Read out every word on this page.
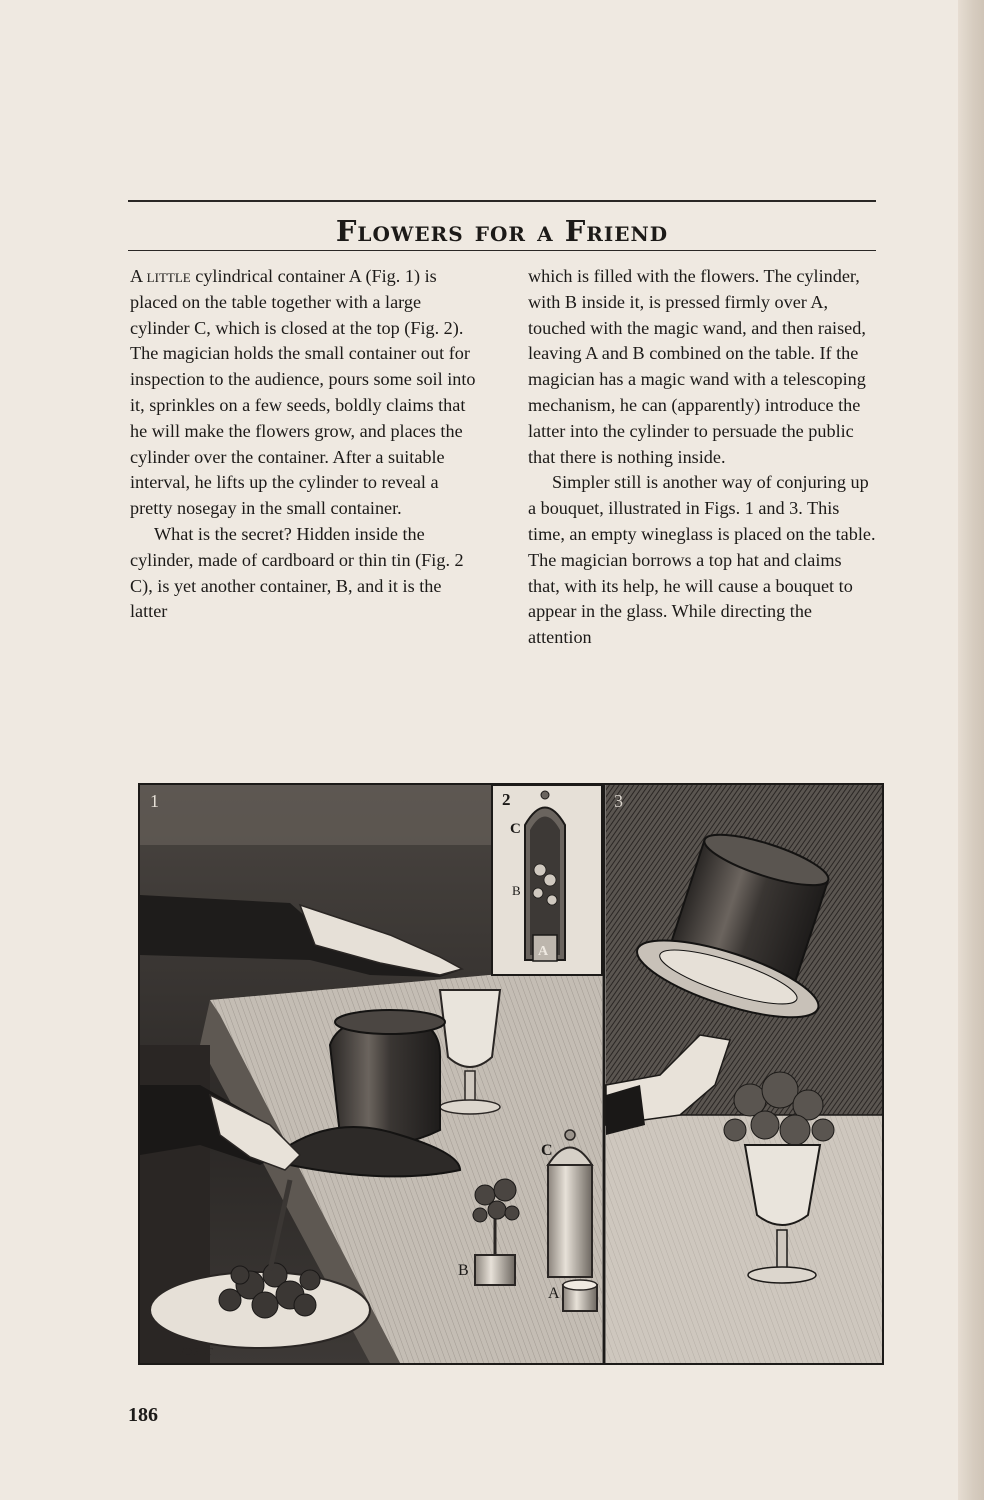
Flowers for a Friend

A little cylindrical container A (Fig. 1) is placed on the table together with a large cylinder C, which is closed at the top (Fig. 2). The magician holds the small container out for inspection to the audience, pours some soil into it, sprinkles on a few seeds, boldly claims that he will make the flowers grow, and places the cylinder over the container. After a suitable interval, he lifts up the cylinder to reveal a pretty nosegay in the small container.

What is the secret? Hidden inside the cylinder, made of cardboard or thin tin (Fig. 2 C), is yet another container, B, and it is the latter

which is filled with the flowers. The cylinder, with B inside it, is pressed firmly over A, touched with the magic wand, and then raised, leaving A and B combined on the table. If the magician has a magic wand with a telescoping mechanism, he can (apparently) introduce the latter into the cylinder to persuade the public that there is nothing inside.

Simpler still is another way of conjuring up a bouquet, illustrated in Figs. 1 and 3. This time, an empty wineglass is placed on the table. The magician borrows a top hat and claims that, with its help, he will cause a bouquet to appear in the glass. While directing the attention

1
C
B
A
FORET
2
C
B
A
3
186
